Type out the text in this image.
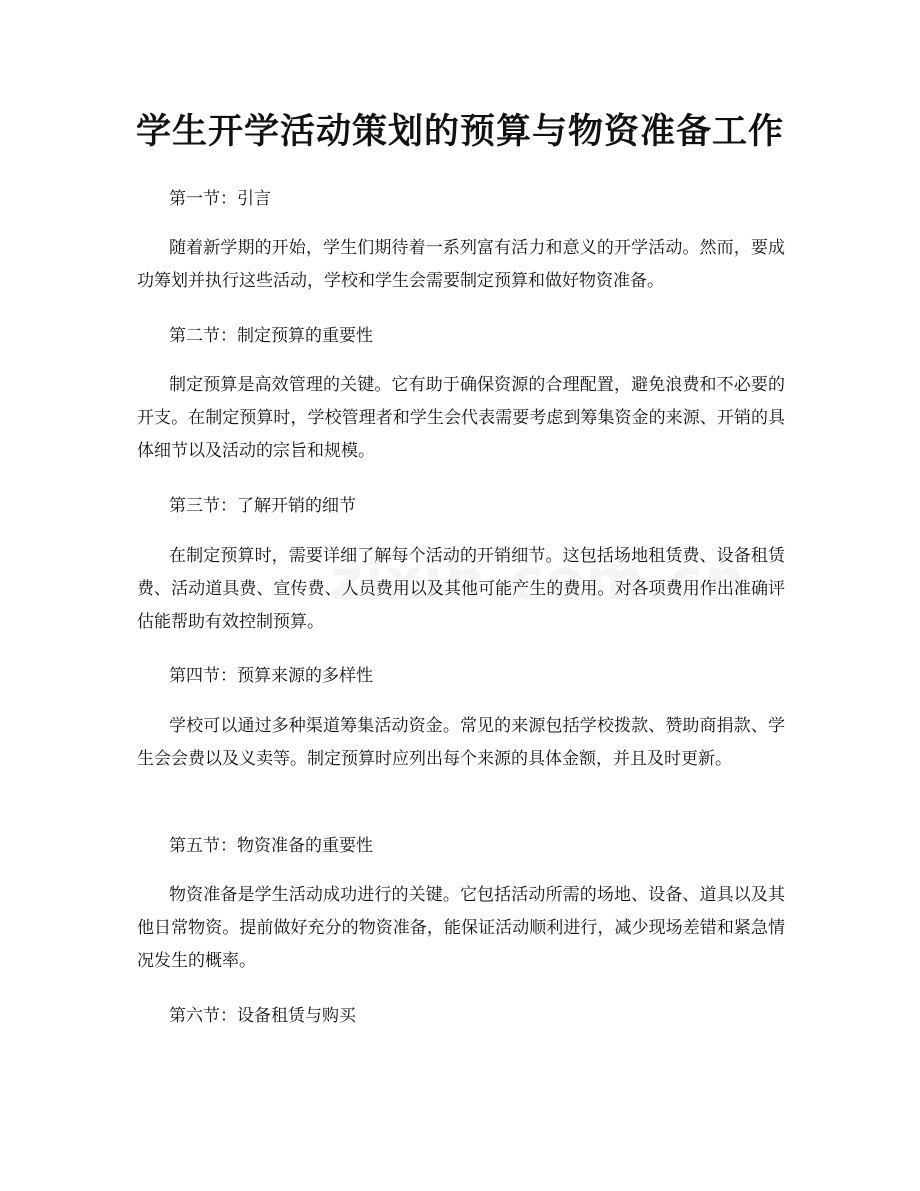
学生开学活动策划的预算与物资准备工作

第一节：引言

随着新学期的开始，学生们期待着一系列富有活力和意义的开学活动。然而，要成功筹划并执行这些活动，学校和学生会需要制定预算和做好物资准备。

第二节：制定预算的重要性

制定预算是高效管理的关键。它有助于确保资源的合理配置，避免浪费和不必要的开支。在制定预算时，学校管理者和学生会代表需要考虑到筹集资金的来源、开销的具体细节以及活动的宗旨和规模。

第三节：了解开销的细节

在制定预算时，需要详细了解每个活动的开销细节。这包括场地租赁费、设备租赁费、活动道具费、宣传费、人员费用以及其他可能产生的费用。对各项费用作出准确评估能帮助有效控制预算。

第四节：预算来源的多样性

学校可以通过多种渠道筹集活动资金。常见的来源包括学校拨款、赞助商捐款、学生会会费以及义卖等。制定预算时应列出每个来源的具体金额，并且及时更新。

第五节：物资准备的重要性

物资准备是学生活动成功进行的关键。它包括活动所需的场地、设备、道具以及其他日常物资。提前做好充分的物资准备，能保证活动顺利进行，减少现场差错和紧急情况发生的概率。

第六节：设备租赁与购买
